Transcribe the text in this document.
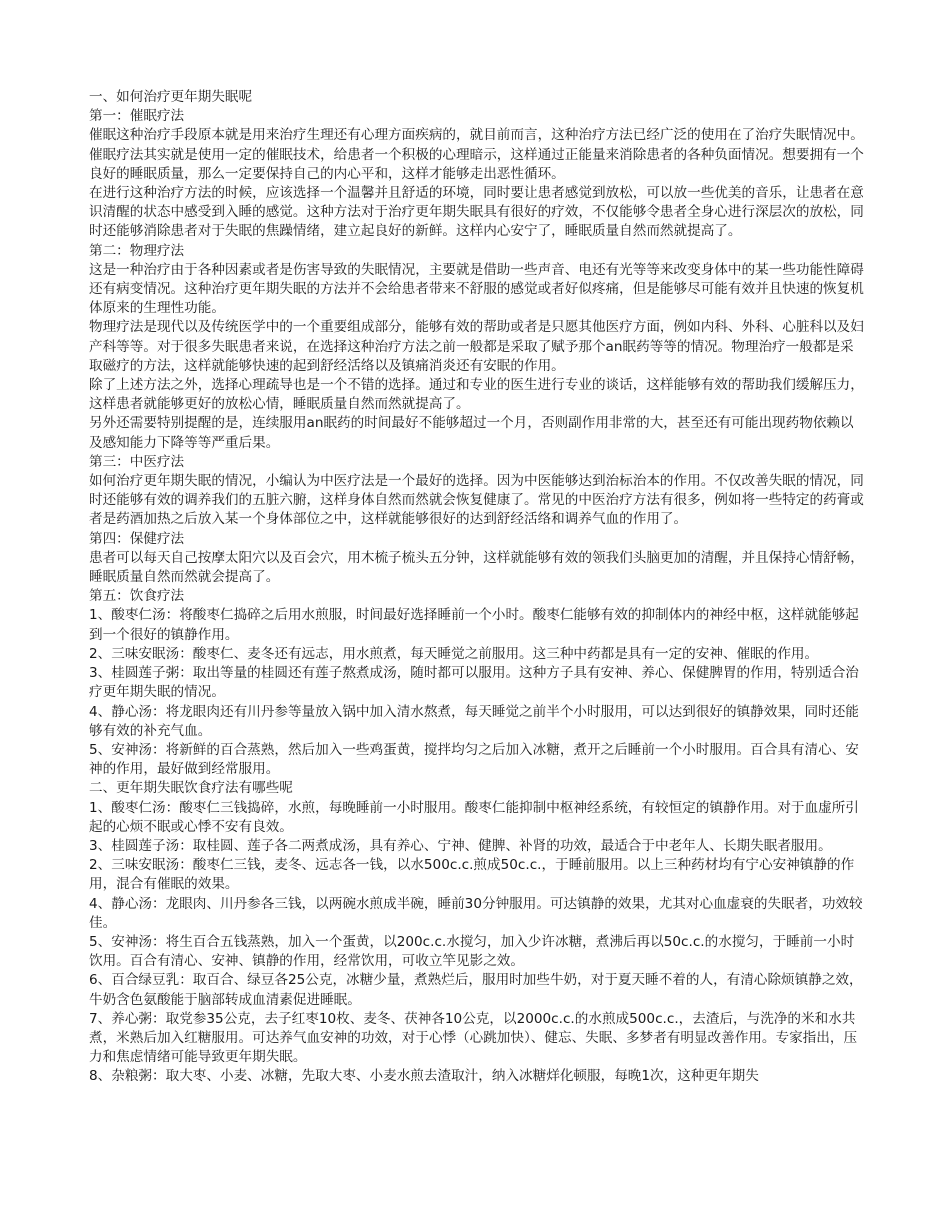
一、如何治疗更年期失眠呢

第一：催眠疗法

催眠这种治疗手段原本就是用来治疗生理还有心理方面疾病的，就目前而言，这种治疗方法已经广泛的使用在了治疗失眠情况中。

催眠疗法其实就是使用一定的催眠技术，给患者一个积极的心理暗示，这样通过正能量来消除患者的各种负面情况。想要拥有一个良好的睡眠质量，那么一定要保持自己的内心平和，这样才能够走出恶性循环。

在进行这种治疗方法的时候，应该选择一个温馨并且舒适的环境，同时要让患者感觉到放松，可以放一些优美的音乐，让患者在意识清醒的状态中感受到入睡的感觉。这种方法对于治疗更年期失眠具有很好的疗效，不仅能够令患者全身心进行深层次的放松，同时还能够消除患者对于失眠的焦躁情绪，建立起良好的新鲜。这样内心安宁了，睡眠质量自然而然就提高了。

第二：物理疗法

这是一种治疗由于各种因素或者是伤害导致的失眠情况，主要就是借助一些声音、电还有光等等来改变身体中的某一些功能性障碍还有病变情况。这种治疗更年期失眠的方法并不会给患者带来不舒服的感觉或者好似疼痛，但是能够尽可能有效并且快速的恢复机体原来的生理性功能。

物理疗法是现代以及传统医学中的一个重要组成部分，能够有效的帮助或者是只愿其他医疗方面，例如内科、外科、心脏科以及妇产科等等。对于很多失眠患者来说，在选择这种治疗方法之前一般都是采取了赋予那个an眠药等等的情况。物理治疗一般都是采取磁疗的方法，这样就能够快速的起到舒经活络以及镇痛消炎还有安眠的作用。

除了上述方法之外，选择心理疏导也是一个不错的选择。通过和专业的医生进行专业的谈话，这样能够有效的帮助我们缓解压力，这样患者就能够更好的放松心情，睡眠质量自然而然就提高了。

另外还需要特别提醒的是，连续服用an眠药的时间最好不能够超过一个月，否则副作用非常的大，甚至还有可能出现药物依赖以及感知能力下降等等严重后果。

第三：中医疗法

如何治疗更年期失眠的情况，小编认为中医疗法是一个最好的选择。因为中医能够达到治标治本的作用。不仅改善失眠的情况，同时还能够有效的调养我们的五脏六腑，这样身体自然而然就会恢复健康了。常见的中医治疗方法有很多，例如将一些特定的药膏或者是药酒加热之后放入某一个身体部位之中，这样就能够很好的达到舒经活络和调养气血的作用了。

第四：保健疗法

患者可以每天自己按摩太阳穴以及百会穴，用木梳子梳头五分钟，这样就能够有效的领我们头脑更加的清醒，并且保持心情舒畅，睡眠质量自然而然就会提高了。

第五：饮食疗法

1、酸枣仁汤：将酸枣仁捣碎之后用水煎服，时间最好选择睡前一个小时。酸枣仁能够有效的抑制体内的神经中枢，这样就能够起到一个很好的镇静作用。

2、三味安眠汤：酸枣仁、麦冬还有远志，用水煎煮，每天睡觉之前服用。这三种中药都是具有一定的安神、催眠的作用。

3、桂圆莲子粥：取出等量的桂圆还有莲子熬煮成汤，随时都可以服用。这种方子具有安神、养心、保健脾胃的作用，特别适合治疗更年期失眠的情况。

4、静心汤：将龙眼肉还有川丹参等量放入锅中加入清水熬煮，每天睡觉之前半个小时服用，可以达到很好的镇静效果，同时还能够有效的补充气血。

5、安神汤：将新鲜的百合蒸熟，然后加入一些鸡蛋黄，搅拌均匀之后加入冰糖，煮开之后睡前一个小时服用。百合具有清心、安神的作用，最好做到经常服用。

二、更年期失眠饮食疗法有哪些呢

1、酸枣仁汤：酸枣仁三钱捣碎，水煎，每晚睡前一小时服用。酸枣仁能抑制中枢神经系统，有较恒定的镇静作用。对于血虚所引起的心烦不眠或心悸不安有良效。

3、桂圆莲子汤：取桂圆、莲子各二两煮成汤，具有养心、宁神、健脾、补肾的功效，最适合于中老年人、长期失眠者服用。

2、三味安眠汤：酸枣仁三钱，麦冬、远志各一钱，以水500c.c.煎成50c.c.，于睡前服用。以上三种药材均有宁心安神镇静的作用，混合有催眠的效果。

4、静心汤：龙眼肉、川丹参各三钱，以两碗水煎成半碗，睡前30分钟服用。可达镇静的效果，尤其对心血虚衰的失眠者，功效较佳。

5、安神汤：将生百合五钱蒸熟，加入一个蛋黄，以200c.c.水搅匀，加入少许冰糖，煮沸后再以50c.c.的水搅匀，于睡前一小时饮用。百合有清心、安神、镇静的作用，经常饮用，可收立竿见影之效。

6、百合绿豆乳：取百合、绿豆各25公克，冰糖少量，煮熟烂后，服用时加些牛奶，对于夏天睡不着的人，有清心除烦镇静之效，牛奶含色氨酸能于脑部转成血清素促进睡眠。

7、养心粥：取党参35公克，去子红枣10枚、麦冬、茯神各10公克，以2000c.c.的水煎成500c.c.，去渣后，与洗净的米和水共煮，米熟后加入红糖服用。可达养气血安神的功效，对于心悸（心跳加快）、健忘、失眠、多梦者有明显改善作用。专家指出，压力和焦虑情绪可能导致更年期失眠。

8、杂粮粥：取大枣、小麦、冰糖，先取大枣、小麦水煎去渣取汁，纳入冰糖烊化顿服，每晚1次，这种更年期失
